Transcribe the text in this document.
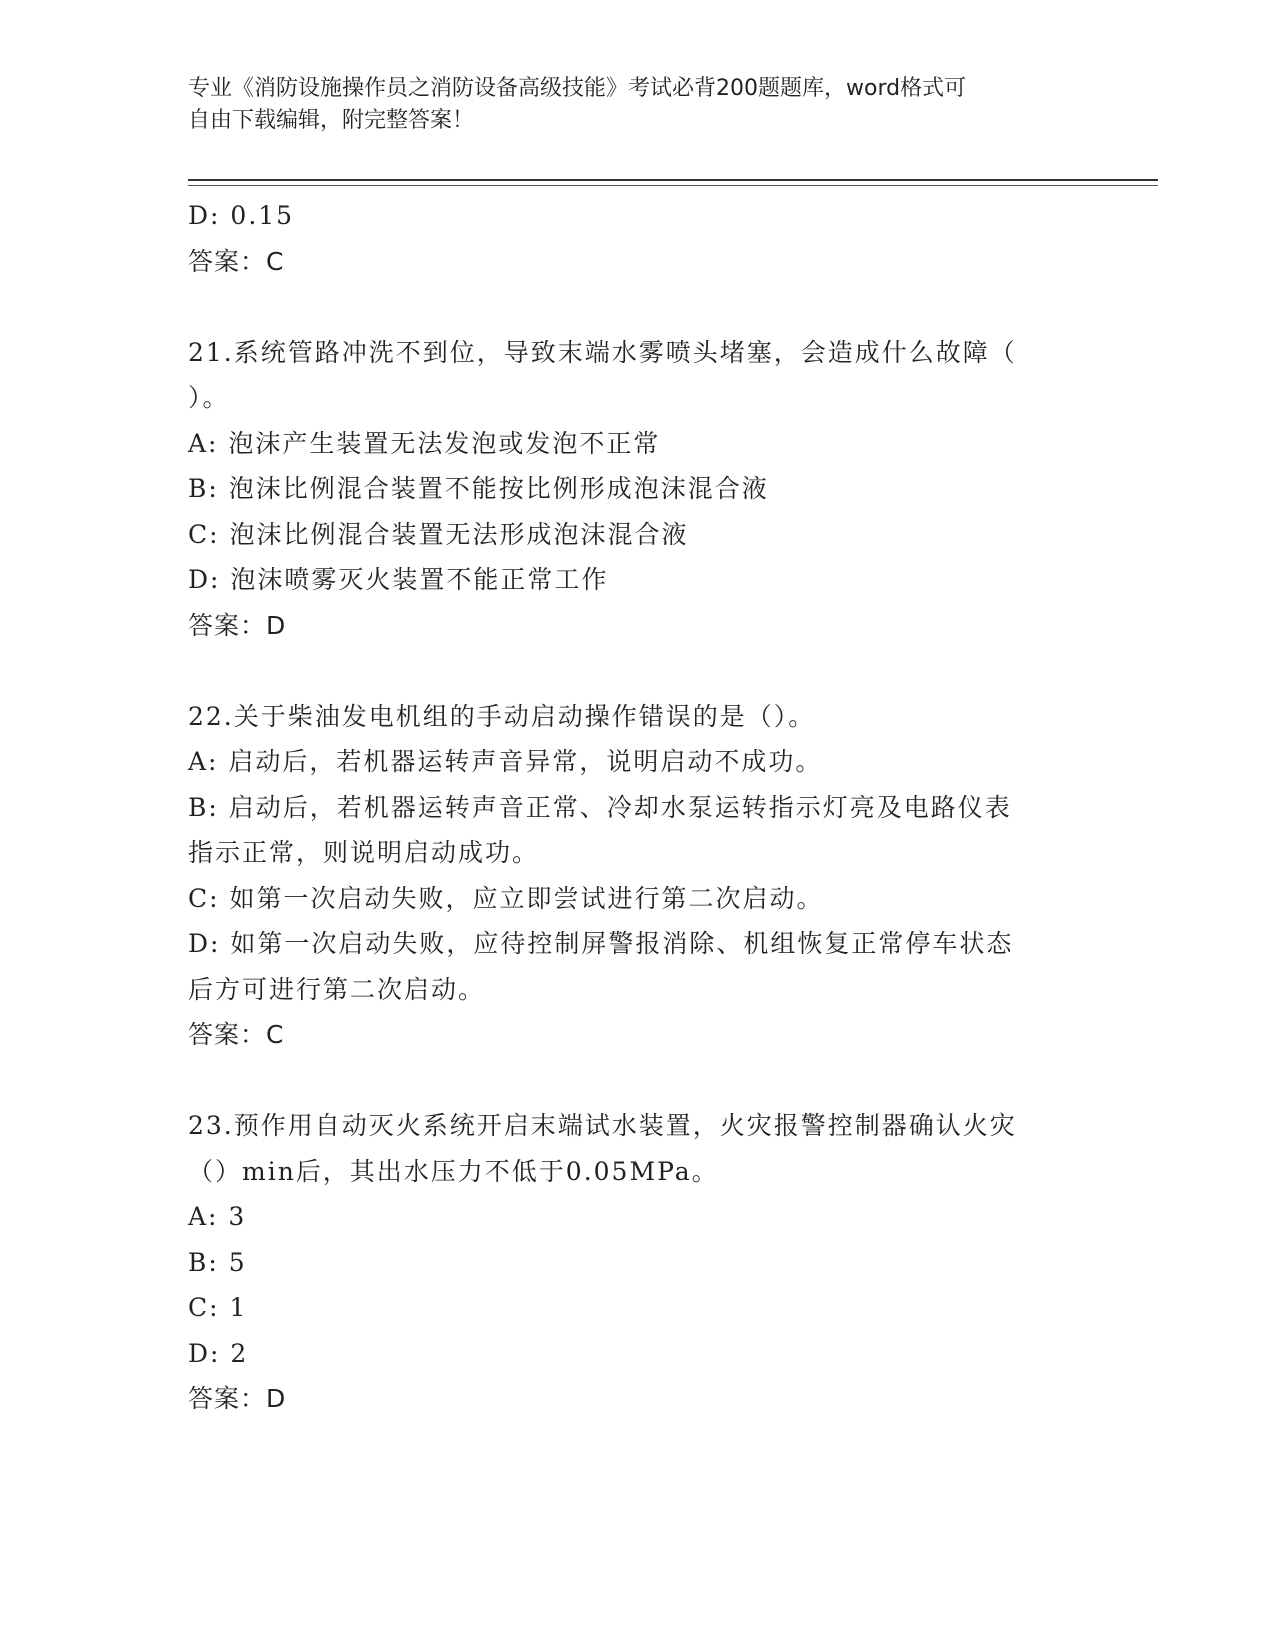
专业《消防设施操作员之消防设备高级技能》考试必背200题题库，word格式可
自由下载编辑，附完整答案！
D: 0.15
答案：C
21.系统管路冲洗不到位，导致末端水雾喷头堵塞，会造成什么故障（
）。
A: 泡沫产生装置无法发泡或发泡不正常
B: 泡沫比例混合装置不能按比例形成泡沫混合液
C: 泡沫比例混合装置无法形成泡沫混合液
D: 泡沫喷雾灭火装置不能正常工作
答案：D
22.关于柴油发电机组的手动启动操作错误的是（）。
A: 启动后，若机器运转声音异常，说明启动不成功。
B: 启动后，若机器运转声音正常、冷却水泵运转指示灯亮及电路仪表
指示正常，则说明启动成功。
C: 如第一次启动失败，应立即尝试进行第二次启动。
D: 如第一次启动失败，应待控制屏警报消除、机组恢复正常停车状态
后方可进行第二次启动。
答案：C
23.预作用自动灭火系统开启末端试水装置，火灾报警控制器确认火灾
（）min后，其出水压力不低于0.05MPa。
A: 3
B: 5
C: 1
D: 2
答案：D
